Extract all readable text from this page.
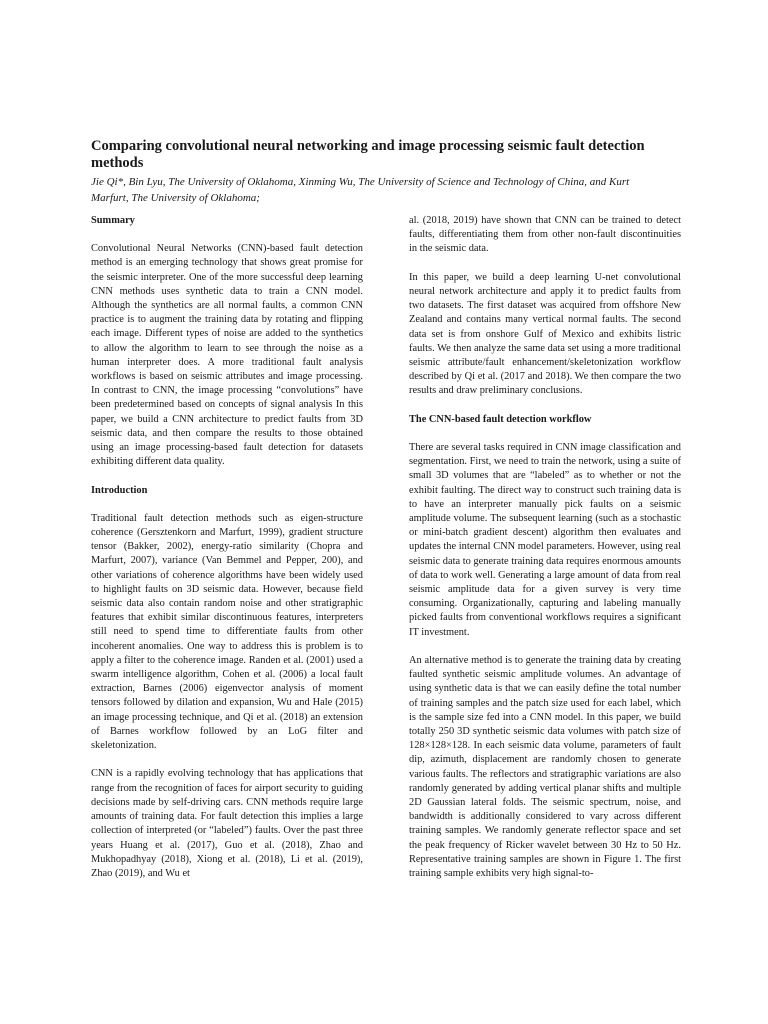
Comparing convolutional neural networking and image processing seismic fault detection methods

Jie Qi*, Bin Lyu, The University of Oklahoma, Xinming Wu, The University of Science and Technology of China, and Kurt Marfurt, The University of Oklahoma;

Summary

Convolutional Neural Networks (CNN)-based fault detection method is an emerging technology that shows great promise for the seismic interpreter. One of the more successful deep learning CNN methods uses synthetic data to train a CNN model. Although the synthetics are all normal faults, a common CNN practice is to augment the training data by rotating and flipping each image. Different types of noise are added to the synthetics to allow the algorithm to learn to see through the noise as a human interpreter does. A more traditional fault analysis workflows is based on seismic attributes and image processing. In contrast to CNN, the image processing “convolutions” have been predetermined based on concepts of signal analysis In this paper, we build a CNN architecture to predict faults from 3D seismic data, and then compare the results to those obtained using an image processing-based fault detection for datasets exhibiting different data quality.

Introduction

Traditional fault detection methods such as eigen-structure coherence (Gersztenkorn and Marfurt, 1999), gradient structure tensor (Bakker, 2002), energy-ratio similarity (Chopra and Marfurt, 2007), variance (Van Bemmel and Pepper, 200), and other variations of coherence algorithms have been widely used to highlight faults on 3D seismic data. However, because field seismic data also contain random noise and other stratigraphic features that exhibit similar discontinuous features, interpreters still need to spend time to differentiate faults from other incoherent anomalies. One way to address this is problem is to apply a filter to the coherence image. Randen et al. (2001) used a swarm intelligence algorithm, Cohen et al. (2006) a local fault extraction, Barnes (2006) eigenvector analysis of moment tensors followed by dilation and expansion, Wu and Hale (2015) an image processing technique, and Qi et al. (2018) an extension of Barnes workflow followed by an LoG filter and skeletonization.

CNN is a rapidly evolving technology that has applications that range from the recognition of faces for airport security to guiding decisions made by self-driving cars. CNN methods require large amounts of training data. For fault detection this implies a large collection of interpreted (or “labeled”) faults. Over the past three years Huang et al. (2017), Guo et al. (2018), Zhao and Mukhopadhyay (2018), Xiong et al. (2018), Li et al. (2019), Zhao (2019), and Wu et

al. (2018, 2019) have shown that CNN can be trained to detect faults, differentiating them from other non-fault discontinuities in the seismic data.

In this paper, we build a deep learning U-net convolutional neural network architecture and apply it to predict faults from two datasets. The first dataset was acquired from offshore New Zealand and contains many vertical normal faults. The second data set is from onshore Gulf of Mexico and exhibits listric faults. We then analyze the same data set using a more traditional seismic attribute/fault enhancement/skeletonization workflow described by Qi et al. (2017 and 2018). We then compare the two results and draw preliminary conclusions.

The CNN-based fault detection workflow

There are several tasks required in CNN image classification and segmentation. First, we need to train the network, using a suite of small 3D volumes that are “labeled” as to whether or not the exhibit faulting. The direct way to construct such training data is to have an interpreter manually pick faults on a seismic amplitude volume. The subsequent learning (such as a stochastic or mini-batch gradient descent) algorithm then evaluates and updates the internal CNN model parameters. However, using real seismic data to generate training data requires enormous amounts of data to work well. Generating a large amount of data from real seismic amplitude data for a given survey is very time consuming. Organizationally, capturing and labeling manually picked faults from conventional workflows requires a significant IT investment.

An alternative method is to generate the training data by creating faulted synthetic seismic amplitude volumes. An advantage of using synthetic data is that we can easily define the total number of training samples and the patch size used for each label, which is the sample size fed into a CNN model. In this paper, we build totally 250 3D synthetic seismic data volumes with patch size of 128×128×128. In each seismic data volume, parameters of fault dip, azimuth, displacement are randomly chosen to generate various faults. The reflectors and stratigraphic variations are also randomly generated by adding vertical planar shifts and multiple 2D Gaussian lateral folds. The seismic spectrum, noise, and bandwidth is additionally considered to vary across different training samples. We randomly generate reflector space and set the peak frequency of Ricker wavelet between 30 Hz to 50 Hz. Representative training samples are shown in Figure 1. The first training sample exhibits very high signal-to-
